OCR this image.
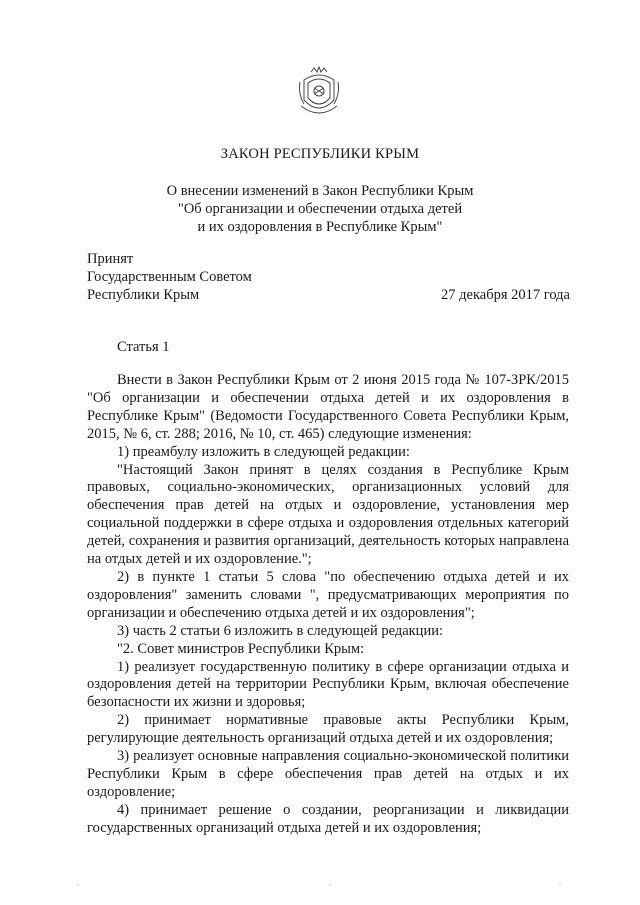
ЗАКОН РЕСПУБЛИКИ КРЫМ
О внесении изменений в Закон Республики Крым
"Об организации и обеспечении отдыха детей
и их оздоровления в Республике Крым"
Принят
Государственным Советом
Республики Крым	27 декабря 2017 года
Статья 1

Внести в Закон Республики Крым от 2 июня 2015 года № 107-ЗРК/2015 "Об организации и обеспечении отдыха детей и их оздоровления в Республике Крым" (Ведомости Государственного Совета Республики Крым, 2015, № 6, ст. 288; 2016, № 10, ст. 465) следующие изменения:

1) преамбулу изложить в следующей редакции:

"Настоящий Закон принят в целях создания в Республике Крым правовых, социально-экономических, организационных условий для обеспечения прав детей на отдых и оздоровление, установления мер социальной поддержки в сфере отдыха и оздоровления отдельных категорий детей, сохранения и развития организаций, деятельность которых направлена на отдых детей и их оздоровление.";

2) в пункте 1 статьи 5 слова "по обеспечению отдыха детей и их оздоровления" заменить словами ", предусматривающих мероприятия по организации и обеспечению отдыха детей и их оздоровления";

3) часть 2 статьи 6 изложить в следующей редакции:

"2. Совет министров Республики Крым:

1) реализует государственную политику в сфере организации отдыха и оздоровления детей на территории Республики Крым, включая обеспечение безопасности их жизни и здоровья;

2) принимает нормативные правовые акты Республики Крым, регулирующие деятельность организаций отдыха детей и их оздоровления;

3) реализует основные направления социально-экономической политики Республики Крым в сфере обеспечения прав детей на отдых и их оздоровление;

4) принимает решение о создании, реорганизации и ликвидации государственных организаций отдыха детей и их оздоровления;
